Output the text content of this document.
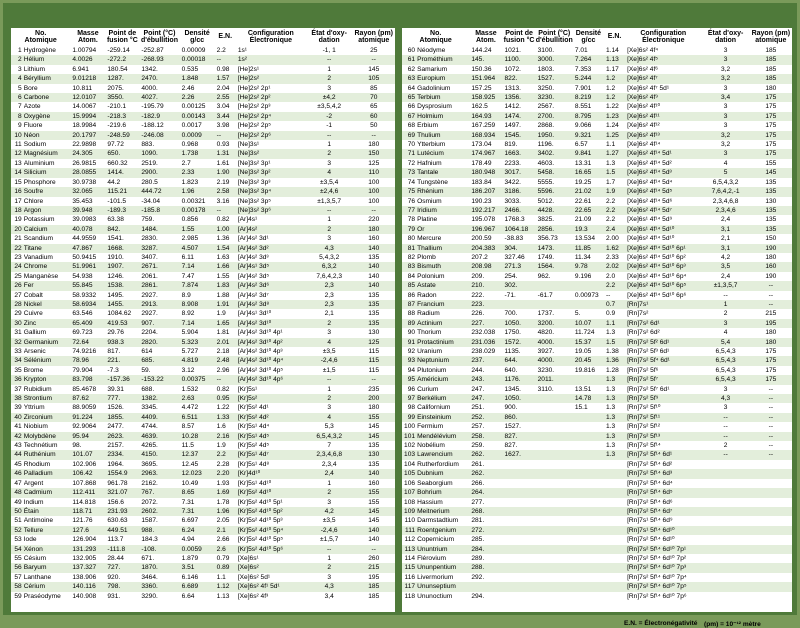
No.
Atomique		Masse
Atom.	Point de
fusion °C	Point (°C)
d'ébullition	Densité
g/cc	E.N.	Configuration
Électronique	État d'oxy-
dation	Rayon (pm)
atomique
1	Hydrogène	1.00794	-259.14	-252.87	0.00009	2.2	1s¹	-1, 1	25
2	Hélium	4.0026	-272.2	-268.93	0.00018	--	1s²	--	--
3	Lithium	6.941	180.54	1342.	0.535	0.98	[He]2s¹	1	145
4	Béryllium	9.01218	1287.	2470.	1.848	1.57	[He]2s²	2	105
5	Bore	10.811	2075.	4000.	2.46	2.04	[He]2s² 2p¹	3	85
6	Carbone	12.0107	3550.	4027.	2.26	2.55	[He]2s² 2p²	±4,2	70
7	Azote	14.0067	-210.1	-195.79	0.00125	3.04	[He]2s² 2p³	±3,5,4,2	65
8	Oxygène	15.9994	-218.3	-182.9	0.00143	3.44	[He]2s² 2p⁴	-2	60
9	Fluore	18.9984	-219.6	-188.12	0.0017	3.98	[He]2s² 2p⁵	-1	50
10	Néon	20.1797	-248.59	-246.08	0.0009	--	[He]2s² 2p⁶	--	--
11	Sodium	22.9898	97.72	883.	0.968	0.93	[Ne]3s¹	1	180
12	Magnésium	24.305	650.	1090.	1.738	1.31	[Ne]3s²	2	150
13	Aluminium	26.9815	660.32	2519.	2.7	1.61	[Ne]3s² 3p¹	3	125
14	Silicium	28.0855	1414.	2900.	2.33	1.90	[Ne]3s² 3p²	4	110
15	Phosphore	30.9738	44.2	280.5	1.823	2.19	[Ne]3s² 3p³	±3,5,4	100
16	Soufre	32.065	115.21	444.72	1.96	2.58	[Ne]3s² 3p⁴	±2,4,6	100
17	Chlore	35.453	-101.5	-34.04	0.00321	3.16	[Ne]3s² 3p⁵	±1,3,5,7	100
18	Argon	39.948	-189.3	-185.8	0.00178	--	[Ne]3s² 3p⁶	--	--
19	Potassium	39.0983	63.38	759.	0.856	0.82	[Ar]4s¹	1	220
20	Calcium	40.078	842.	1484.	1.55	1.00	[Ar]4s²	2	180
21	Scandium	44.9559	1541.	2830.	2.985	1.36	[Ar]4s² 3d¹	3	160
22	Titane	47.867	1668.	3287.	4.507	1.54	[Ar]4s² 3d²	4,3	140
23	Vanadium	50.9415	1910.	3407.	6.11	1.63	[Ar]4s² 3d³	5,4,3,2	135
24	Chrome	51.9961	1907.	2671.	7.14	1.66	[Ar]4s¹ 3d⁵	6,3,2	140
25	Manganèse	54.938	1246.	2061.	7.47	1.55	[Ar]4s² 3d⁵	7,6,4,2,3	140
26	Fer	55.845	1538.	2861.	7.874	1.83	[Ar]4s² 3d⁶	2,3	140
27	Cobalt	58.9332	1495.	2927.	8.9	1.88	[Ar]4s² 3d⁷	2,3	135
28	Nickel	58.6934	1455.	2913.	8.908	1.91	[Ar]4s² 3d⁸	2,3	135
29	Cuivre	63.546	1084.62	2927.	8.92	1.9	[Ar]4s¹ 3d¹⁰	2,1	135
30	Zinc	65.409	419.53	907.	7.14	1.65	[Ar]4s² 3d¹⁰	2	135
31	Gallium	69.723	29.76	2204.	5.904	1.81	[Ar]4s² 3d¹⁰ 4p¹	3	130
32	Germanium	72.64	938.3	2820.	5.323	2.01	[Ar]4s² 3d¹⁰ 4p²	4	125
33	Arsenic	74.9216	817.	614	5.727	2.18	[Ar]4s² 3d¹⁰ 4p³	±3,5	115
34	Sélénium	78.96	221.	685.	4.819	2.48	[Ar]4s² 3d¹⁰ 4p⁴	-2,4,6	115
35	Brome	79.904	-7.3	59.	3.12	2.96	[Ar]4s² 3d¹⁰ 4p⁵	±1,5	115
36	Krypton	83.798	-157.36	-153.22	0.00375	--	[Ar]4s² 3d¹⁰ 4p⁶	--	--
37	Rubidium	85.4678	39.31	688.	1.532	0.82	[Kr]5s¹	1	235
38	Strontium	87.62	777.	1382.	2.63	0.95	[Kr]5s²	2	200
39	Yttrium	88.9059	1526.	3345.	4.472	1.22	[Kr]5s² 4d¹	3	180
40	Zirconium	91.224	1855.	4409.	6.511	1.33	[Kr]5s² 4d²	4	155
41	Niobium	92.9064	2477.	4744.	8.57	1.6	[Kr]5s¹ 4d⁴	5,3	145
42	Molybdène	95.94	2623.	4639.	10.28	2.16	[Kr]5s¹ 4d⁵	6,5,4,3,2	145
43	Technétium	98.	2157.	4265.	11.5	1.9	[Kr]5s² 4d⁵	7	135
44	Ruthénium	101.07	2334.	4150.	12.37	2.2	[Kr]5s¹ 4d⁷	2,3,4,6,8	130
45	Rhodium	102.906	1964.	3695.	12.45	2.28	[Kr]5s¹ 4d⁸	2,3,4	135
46	Palladium	106.42	1554.9	2963.	12.023	2.20	[Kr]4d¹⁰	2,4	140
47	Argent	107.868	961.78	2162.	10.49	1.93	[Kr]5s¹ 4d¹⁰	1	160
48	Cadmium	112.411	321.07	767.	8.65	1.69	[Kr]5s² 4d¹⁰	2	155
49	Indium	114.818	156.6	2072.	7.31	1.78	[Kr]5s² 4d¹⁰ 5p¹	3	155
50	Étain	118.71	231.93	2602.	7.31	1.96	[Kr]5s² 4d¹⁰ 5p²	4,2	145
51	Antimoine	121.76	630.63	1587.	6.697	2.05	[Kr]5s² 4d¹⁰ 5p³	±3,5	145
52	Tellure	127.6	449.51	988.	6.24	2.1	[Kr]5s² 4d¹⁰ 5p⁴	-2,4,6	140
53	Iode	126.904	113.7	184.3	4.94	2.66	[Kr]5s² 4d¹⁰ 5p⁵	±1,5,7	140
54	Xénon	131.293	-111.8	-108.	0.0059	2.6	[Kr]5s² 4d¹⁰ 5p⁶	--	--
55	Césium	132.905	28.44	671.	1.879	0.79	[Xe]6s¹	1	260
56	Baryum	137.327	727.	1870.	3.51	0.89	[Xe]6s²	2	215
57	Lanthane	138.906	920.	3464.	6.146	1.1	[Xe]6s² 5d¹	3	195
58	Cérium	140.116	798.	3360.	6.689	1.12	[Xe]6s² 4f¹ 5d¹	4,3	185
59	Praséodyme	140.908	931.	3290.	6.64	1.13	[Xe]6s² 4f³	3,4	185
No.
Atomique		Masse
Atom.	Point de
fusion °C	Point (°C)
d'ébullition	Densité
g/cc	E.N.	Configuration
Électronique	État d'oxy-
dation	Rayon (pm)
atomique
60	Néodyme	144.24	1021.	3100.	7.01	1.14	[Xe]6s² 4f⁴	3	185
61	Prométhium	145.	1100.	3000.	7.264	1.13	[Xe]6s² 4f⁵	3	185
62	Samarium	150.36	1072.	1803.	7.353	1.17	[Xe]6s² 4f⁶	3,2	185
63	Europium	151.964	822.	1527.	5.244	1.2	[Xe]6s² 4f⁷	3,2	185
64	Gadolinium	157.25	1313.	3250.	7.901	1.2	[Xe]6s² 4f⁷ 5d¹	3	180
65	Terbium	158.925	1356.	3230.	8.219	1.2	[Xe]6s² 4f⁹	3,4	175
66	Dysprosium	162.5	1412.	2567.	8.551	1.22	[Xe]6s² 4f¹⁰	3	175
67	Holmium	164.93	1474.	2700.	8.795	1.23	[Xe]6s² 4f¹¹	3	175
68	Erbium	167.259	1497.	2868.	9.066	1.24	[Xe]6s² 4f¹²	3	175
69	Thulium	168.934	1545.	1950.	9.321	1.25	[Xe]6s² 4f¹³	3,2	175
70	Ytterbium	173.04	819.	1196.	6.57	1.1	[Xe]6s² 4f¹⁴	3,2	175
71	Lutécium	174.967	1663.	3402.	9.841	1.27	[Xe]6s² 4f¹⁴ 5d¹	3	175
72	Hafnium	178.49	2233.	4603.	13.31	1.3	[Xe]6s² 4f¹⁴ 5d²	4	155
73	Tantale	180.948	3017.	5458.	16.65	1.5	[Xe]6s² 4f¹⁴ 5d³	5	145
74	Tungstène	183.84	3422.	5555.	19.25	1.7	[Xe]6s² 4f¹⁴ 5d⁴	6,5,4,3,2	135
75	Rhénium	186.207	3186.	5596.	21.02	1.9	[Xe]6s² 4f¹⁴ 5d⁵	7,6,4,2,-1	135
76	Osmium	190.23	3033.	5012.	22.61	2.2	[Xe]6s² 4f¹⁴ 5d⁶	2,3,4,6,8	130
77	Iridium	192.217	2466.	4428.	22.65	2.2	[Xe]6s² 4f¹⁴ 5d⁷	2,3,4,6	135
78	Platine	195.078	1768.3	3825.	21.09	2.2	[Xe]6s¹ 4f¹⁴ 5d⁹	2,4	135
79	Or	196.967	1064.18	2856.	19.3	2.4	[Xe]6s¹ 4f¹⁴ 5d¹⁰	3,1	135
80	Mercure	200.59	-38.83	356.73	13.534	2.00	[Xe]6s² 4f¹⁴ 5d¹⁰	2,1	150
81	Thallium	204.383	304.	1473.	11.85	1.62	[Xe]6s² 4f¹⁴ 5d¹⁰ 6p¹	3,1	190
82	Plomb	207.2	327.46	1749.	11.34	2.33	[Xe]6s² 4f¹⁴ 5d¹⁰ 6p²	4,2	180
83	Bismuth	208.98	271.3	1564.	9.78	2.02	[Xe]6s² 4f¹⁴ 5d¹⁰ 6p³	3,5	160
84	Polonium	209.	254.	962.	9.196	2.0	[Xe]6s² 4f¹⁴ 5d¹⁰ 6p⁴	2,4	190
85	Astate	210.	302.			2.2	[Xe]6s² 4f¹⁴ 5d¹⁰ 6p⁵	±1,3,5,7	--
86	Radon	222.	-71.	-61.7	0.00973	--	[Xe]6s² 4f¹⁴ 5d¹⁰ 6p⁶	--	--
87	Francium	223.				0.7	[Rn]7s¹	1	--
88	Radium	226.	700.	1737.	5.	0.9	[Rn]7s²	2	215
89	Actinium	227.	1050.	3200.	10.07	1.1	[Rn]7s² 6d¹	3	195
90	Thorium	232.038	1750.	4820.	11.724	1.3	[Rn]7s² 6d²	4	180
91	Protactinium	231.036	1572.	4000.	15.37	1.5	[Rn]7s² 5f² 6d¹	5,4	180
92	Uranium	238.029	1135.	3927.	19.05	1.38	[Rn]7s² 5f³ 6d¹	6,5,4,3	175
93	Neptunium	237.	644.	4000.	20.45	1.36	[Rn]7s² 5f⁴ 6d¹	6,5,4,3	175
94	Plutonium	244.	640.	3230.	19.816	1.28	[Rn]7s² 5f⁶	6,5,4,3	175
95	Américium	243.	1176.	2011.		1.3	[Rn]7s² 5f⁷	6,5,4,3	175
96	Curium	247.	1345.	3110.	13.51	1.3	[Rn]7s² 5f⁷ 6d¹	3	--
97	Berkélium	247.	1050.		14.78	1.3	[Rn]7s² 5f⁹	4,3	--
98	Californium	251.	900.		15.1	1.3	[Rn]7s² 5f¹⁰	3	--
99	Einsteinium	252.	860.			1.3	[Rn]7s² 5f¹¹	--	--
100	Fermium	257.	1527.			1.3	[Rn]7s² 5f¹²	--	--
101	Mendélévium	258.	827.			1.3	[Rn]7s² 5f¹³	--	--
102	Nobélium	259.	827.			1.3	[Rn]7s² 5f¹⁴	2	--
103	Lawrencium	262.	1627.			1.3	[Rn]7s² 5f¹⁴ 6d¹	--	--
104	Rutherfordium	261.					[Rn]7s² 5f¹⁴ 6d²		
105	Dubnium	262.					[Rn]7s² 5f¹⁴ 6d³		
106	Seaborgium	266.					[Rn]7s² 5f¹⁴ 6d⁴		
107	Bohrium	264.					[Rn]7s² 5f¹⁴ 6d⁵		
108	Hassium	277.					[Rn]7s² 5f¹⁴ 6d⁶		
109	Meitnerium	268.					[Rn]7s² 5f¹⁴ 6d⁷		
110	Darmstadtium	281.					[Rn]7s¹ 5f¹⁴ 6d⁹		
111	Roentgenium	272.					[Rn]7s¹ 5f¹⁴ 6d¹⁰		
112	Copernicium	285.					[Rn]7s² 5f¹⁴ 6d¹⁰		
113	Ununtrium	284.					[Rn]7s² 5f¹⁴ 6d¹⁰ 7p¹		
114	Flérovium	289.					[Rn]7s² 5f¹⁴ 6d¹⁰ 7p²		
115	Ununpentium	288.					[Rn]7s² 5f¹⁴ 6d¹⁰ 7p³		
116	Livermorium	292.					[Rn]7s² 5f¹⁴ 6d¹⁰ 7p⁴		
117	Ununseptium						[Rn]7s² 5f¹⁴ 6d¹⁰ 7p⁵		
118	Ununoctium	294.					[Rn]7s² 5f¹⁴ 6d¹⁰ 7p⁶		
E.N. = Électronégativité (pm) = 10⁻¹² mètre
